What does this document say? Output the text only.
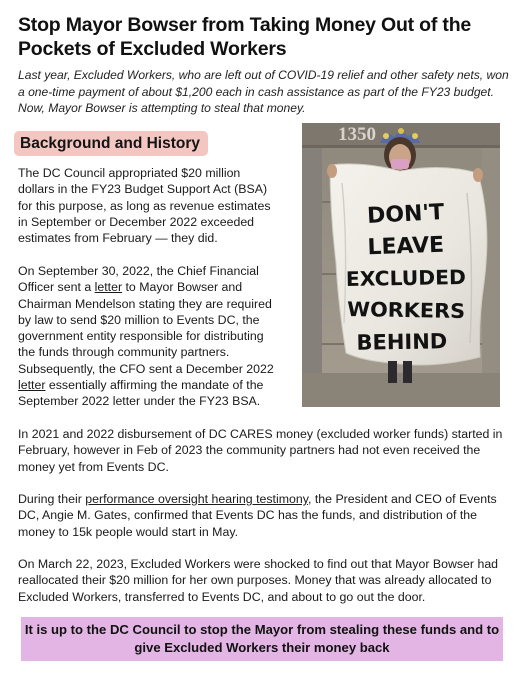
Stop Mayor Bowser from Taking Money Out of the Pockets of Excluded Workers

Last year, Excluded Workers, who are left out of COVID-19 relief and other safety nets, won a one-time payment of about $1,200 each in cash assistance as part of the FY23 budget. Now, Mayor Bowser is attempting to steal that money.

Background and History

The DC Council appropriated $20 million dollars in the FY23 Budget Support Act (BSA) for this purpose, as long as revenue estimates in September or December 2022 exceeded estimates from February — they did.

On September 30, 2022, the Chief Financial Officer sent a letter to Mayor Bowser and Chairman Mendelson stating they are required by law to send $20 million to Events DC, the government entity responsible for distributing the funds through community partners. Subsequently, the CFO sent a December 2022 letter essentially affirming the mandate of the September 2022 letter under the FY23 BSA.

1350
DON'T
LEAVE
EXCLUDED
WORKERS
BEHIND

In 2021 and 2022 disbursement of DC CARES money (excluded worker funds) started in February, however in Feb of 2023 the community partners had not even received the money yet from Events DC.

During their performance oversight hearing testimony, the President and CEO of Events DC, Angie M. Gates, confirmed that Events DC has the funds, and distribution of the money to 15k people would start in May.

On March 22, 2023, Excluded Workers were shocked to find out that Mayor Bowser had reallocated their $20 million for her own purposes. Money that was already allocated to Excluded Workers, transferred to Events DC, and about to go out the door.

It is up to the DC Council to stop the Mayor from stealing these funds and to give Excluded Workers their money back
